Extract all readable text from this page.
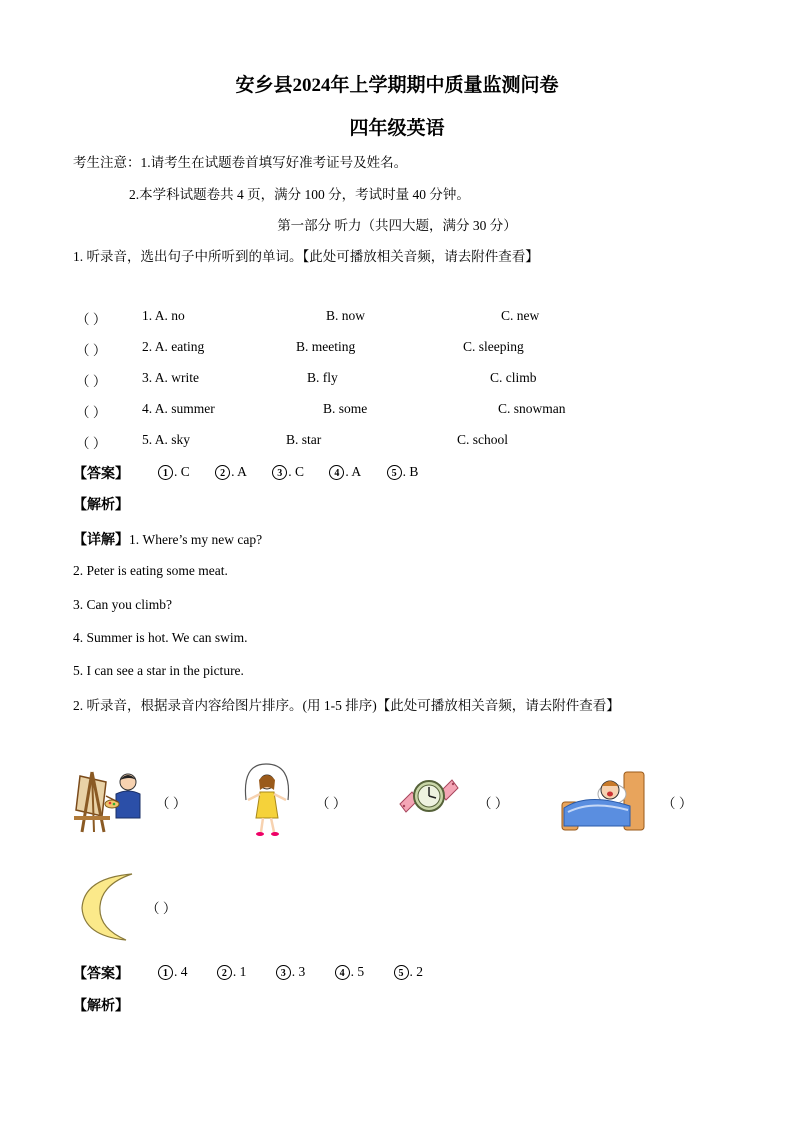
安乡县2024年上学期期中质量监测问卷
四年级英语
考生注意：1.请考生在试题卷首填写好准考证号及姓名。
2.本学科试题卷共 4 页，满分 100 分，考试时量 40 分钟。
第一部分 听力（共四大题，满分 30 分）
1. 听录音，选出句子中所听到的单词。【此处可播放相关音频，请去附件查看】
（ ）	1. A. no	B. now	C. new
（ ）	2. A. eating	B. meeting	C. sleeping
（ ）	3. A. write	B. fly	C. climb
（ ）	4. A. summer	B. some	C. snowman
（ ）	5. A. sky	B. star	C. school
【答案】	1 . C	2 . A	3 . C	4 . A	5 . B
【解析】
【详解】1. Where’s my new cap?
2. Peter is eating some meat.
3. Can you climb?
4. Summer is hot. We can swim.
5. I can see a star in the picture.
2. 听录音，根据录音内容给图片排序。(用 1-5 排序)【此处可播放相关音频，请去附件查看】
（ ）	（ ）	（ ）	（ ）
（ ）
【答案】	1 . 4	2 . 1	3 . 3	4 . 5	5 . 2
【解析】
